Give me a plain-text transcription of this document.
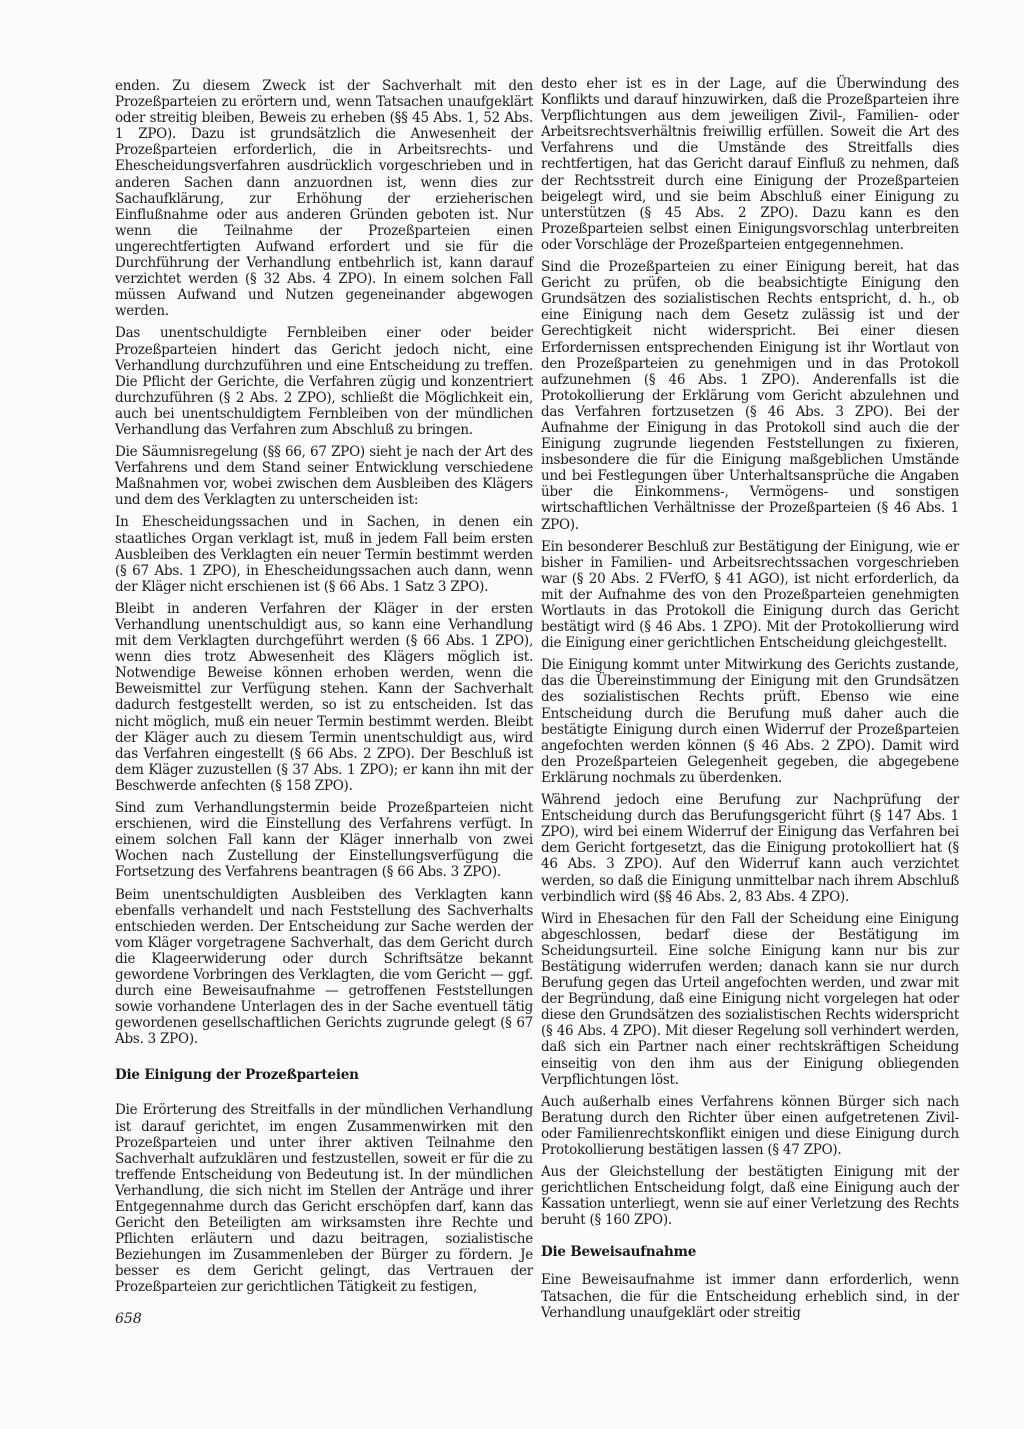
enden. Zu diesem Zweck ist der Sachverhalt mit den Prozeßparteien zu erörtern und, wenn Tatsachen unaufgeklärt oder streitig bleiben, Beweis zu erheben (§§ 45 Abs. 1, 52 Abs. 1 ZPO). Dazu ist grundsätzlich die Anwesenheit der Prozeßparteien erforderlich, die in Arbeitsrechts- und Ehescheidungsverfahren ausdrücklich vorgeschrieben und in anderen Sachen dann anzuordnen ist, wenn dies zur Sachaufklärung, zur Erhöhung der erzieherischen Einflußnahme oder aus anderen Gründen geboten ist. Nur wenn die Teilnahme der Prozeßparteien einen ungerechtfertigten Aufwand erfordert und sie für die Durchführung der Verhandlung entbehrlich ist, kann darauf verzichtet werden (§ 32 Abs. 4 ZPO). In einem solchen Fall müssen Aufwand und Nutzen gegeneinander abgewogen werden.

Das unentschuldigte Fernbleiben einer oder beider Prozeßparteien hindert das Gericht jedoch nicht, eine Verhandlung durchzuführen und eine Entscheidung zu treffen. Die Pflicht der Gerichte, die Verfahren zügig und konzentriert durchzuführen (§ 2 Abs. 2 ZPO), schließt die Möglichkeit ein, auch bei unentschuldigtem Fernbleiben von der mündlichen Verhandlung das Verfahren zum Abschluß zu bringen.

Die Säumnisregelung (§§ 66, 67 ZPO) sieht je nach der Art des Verfahrens und dem Stand seiner Entwicklung verschiedene Maßnahmen vor, wobei zwischen dem Ausbleiben des Klägers und dem des Verklagten zu unterscheiden ist:

In Ehescheidungssachen und in Sachen, in denen ein staatliches Organ verklagt ist, muß in jedem Fall beim ersten Ausbleiben des Verklagten ein neuer Termin bestimmt werden (§ 67 Abs. 1 ZPO), in Ehescheidungssachen auch dann, wenn der Kläger nicht erschienen ist (§ 66 Abs. 1 Satz 3 ZPO).

Bleibt in anderen Verfahren der Kläger in der ersten Verhandlung unentschuldigt aus, so kann eine Verhandlung mit dem Verklagten durchgeführt werden (§ 66 Abs. 1 ZPO), wenn dies trotz Abwesenheit des Klägers möglich ist. Notwendige Beweise können erhoben werden, wenn die Beweismittel zur Verfügung stehen. Kann der Sachverhalt dadurch festgestellt werden, so ist zu entscheiden. Ist das nicht möglich, muß ein neuer Termin bestimmt werden. Bleibt der Kläger auch zu diesem Termin unentschuldigt aus, wird das Verfahren eingestellt (§ 66 Abs. 2 ZPO). Der Beschluß ist dem Kläger zuzustellen (§ 37 Abs. 1 ZPO); er kann ihn mit der Beschwerde anfechten (§ 158 ZPO).

Sind zum Verhandlungstermin beide Prozeßparteien nicht erschienen, wird die Einstellung des Verfahrens verfügt. In einem solchen Fall kann der Kläger innerhalb von zwei Wochen nach Zustellung der Einstellungsverfügung die Fortsetzung des Verfahrens beantragen (§ 66 Abs. 3 ZPO).

Beim unentschuldigten Ausbleiben des Verklagten kann ebenfalls verhandelt und nach Feststellung des Sachverhalts entschieden werden. Der Entscheidung zur Sache werden der vom Kläger vorgetragene Sachverhalt, das dem Gericht durch die Klageerwiderung oder durch Schriftsätze bekannt gewordene Vorbringen des Verklagten, die vom Gericht — ggf. durch eine Beweisaufnahme — getroffenen Feststellungen sowie vorhandene Unterlagen des in der Sache eventuell tätig gewordenen gesellschaftlichen Gerichts zugrunde gelegt (§ 67 Abs. 3 ZPO).

Die Einigung der Prozeßparteien

Die Erörterung des Streitfalls in der mündlichen Verhandlung ist darauf gerichtet, im engen Zusammenwirken mit den Prozeßparteien und unter ihrer aktiven Teilnahme den Sachverhalt aufzuklären und festzustellen, soweit er für die zu treffende Entscheidung von Bedeutung ist. In der mündlichen Verhandlung, die sich nicht im Stellen der Anträge und ihrer Entgegennahme durch das Gericht erschöpfen darf, kann das Gericht den Beteiligten am wirksamsten ihre Rechte und Pflichten erläutern und dazu beitragen, sozialistische Beziehungen im Zusammenleben der Bürger zu fördern. Je besser es dem Gericht gelingt, das Vertrauen der Prozeßparteien zur gerichtlichen Tätigkeit zu festigen,

desto eher ist es in der Lage, auf die Überwindung des Konflikts und darauf hinzuwirken, daß die Prozeßparteien ihre Verpflichtungen aus dem jeweiligen Zivil-, Familien- oder Arbeitsrechtsverhältnis freiwillig erfüllen. Soweit die Art des Verfahrens und die Umstände des Streitfalls dies rechtfertigen, hat das Gericht darauf Einfluß zu nehmen, daß der Rechtsstreit durch eine Einigung der Prozeßparteien beigelegt wird, und sie beim Abschluß einer Einigung zu unterstützen (§ 45 Abs. 2 ZPO). Dazu kann es den Prozeßparteien selbst einen Einigungsvorschlag unterbreiten oder Vorschläge der Prozeßparteien entgegennehmen.

Sind die Prozeßparteien zu einer Einigung bereit, hat das Gericht zu prüfen, ob die beabsichtigte Einigung den Grundsätzen des sozialistischen Rechts entspricht, d. h., ob eine Einigung nach dem Gesetz zulässig ist und der Gerechtigkeit nicht widerspricht. Bei einer diesen Erfordernissen entsprechenden Einigung ist ihr Wortlaut von den Prozeßparteien zu genehmigen und in das Protokoll aufzunehmen (§ 46 Abs. 1 ZPO). Anderenfalls ist die Protokollierung der Erklärung vom Gericht abzulehnen und das Verfahren fortzusetzen (§ 46 Abs. 3 ZPO). Bei der Aufnahme der Einigung in das Protokoll sind auch die der Einigung zugrunde liegenden Feststellungen zu fixieren, insbesondere die für die Einigung maßgeblichen Umstände und bei Festlegungen über Unterhaltsansprüche die Angaben über die Einkommens-, Vermögens- und sonstigen wirtschaftlichen Verhältnisse der Prozeßparteien (§ 46 Abs. 1 ZPO).

Ein besonderer Beschluß zur Bestätigung der Einigung, wie er bisher in Familien- und Arbeitsrechtssachen vorgeschrieben war (§ 20 Abs. 2 FVerfO, § 41 AGO), ist nicht erforderlich, da mit der Aufnahme des von den Prozeßparteien genehmigten Wortlauts in das Protokoll die Einigung durch das Gericht bestätigt wird (§ 46 Abs. 1 ZPO). Mit der Protokollierung wird die Einigung einer gerichtlichen Entscheidung gleichgestellt.

Die Einigung kommt unter Mitwirkung des Gerichts zustande, das die Übereinstimmung der Einigung mit den Grundsätzen des sozialistischen Rechts prüft. Ebenso wie eine Entscheidung durch die Berufung muß daher auch die bestätigte Einigung durch einen Widerruf der Prozeßparteien angefochten werden können (§ 46 Abs. 2 ZPO). Damit wird den Prozeßparteien Gelegenheit gegeben, die abgegebene Erklärung nochmals zu überdenken.

Während jedoch eine Berufung zur Nachprüfung der Entscheidung durch das Berufungsgericht führt (§ 147 Abs. 1 ZPO), wird bei einem Widerruf der Einigung das Verfahren bei dem Gericht fortgesetzt, das die Einigung protokolliert hat (§ 46 Abs. 3 ZPO). Auf den Widerruf kann auch verzichtet werden, so daß die Einigung unmittelbar nach ihrem Abschluß verbindlich wird (§§ 46 Abs. 2, 83 Abs. 4 ZPO).

Wird in Ehesachen für den Fall der Scheidung eine Einigung abgeschlossen, bedarf diese der Bestätigung im Scheidungsurteil. Eine solche Einigung kann nur bis zur Bestätigung widerrufen werden; danach kann sie nur durch Berufung gegen das Urteil angefochten werden, und zwar mit der Begründung, daß eine Einigung nicht vorgelegen hat oder diese den Grundsätzen des sozialistischen Rechts widerspricht (§ 46 Abs. 4 ZPO). Mit dieser Regelung soll verhindert werden, daß sich ein Partner nach einer rechtskräftigen Scheidung einseitig von den ihm aus der Einigung obliegenden Verpflichtungen löst.

Auch außerhalb eines Verfahrens können Bürger sich nach Beratung durch den Richter über einen aufgetretenen Zivil- oder Familienrechtskonflikt einigen und diese Einigung durch Protokollierung bestätigen lassen (§ 47 ZPO).

Aus der Gleichstellung der bestätigten Einigung mit der gerichtlichen Entscheidung folgt, daß eine Einigung auch der Kassation unterliegt, wenn sie auf einer Verletzung des Rechts beruht (§ 160 ZPO).

Die Beweisaufnahme

Eine Beweisaufnahme ist immer dann erforderlich, wenn Tatsachen, die für die Entscheidung erheblich sind, in der Verhandlung unaufgeklärt oder streitig

658
